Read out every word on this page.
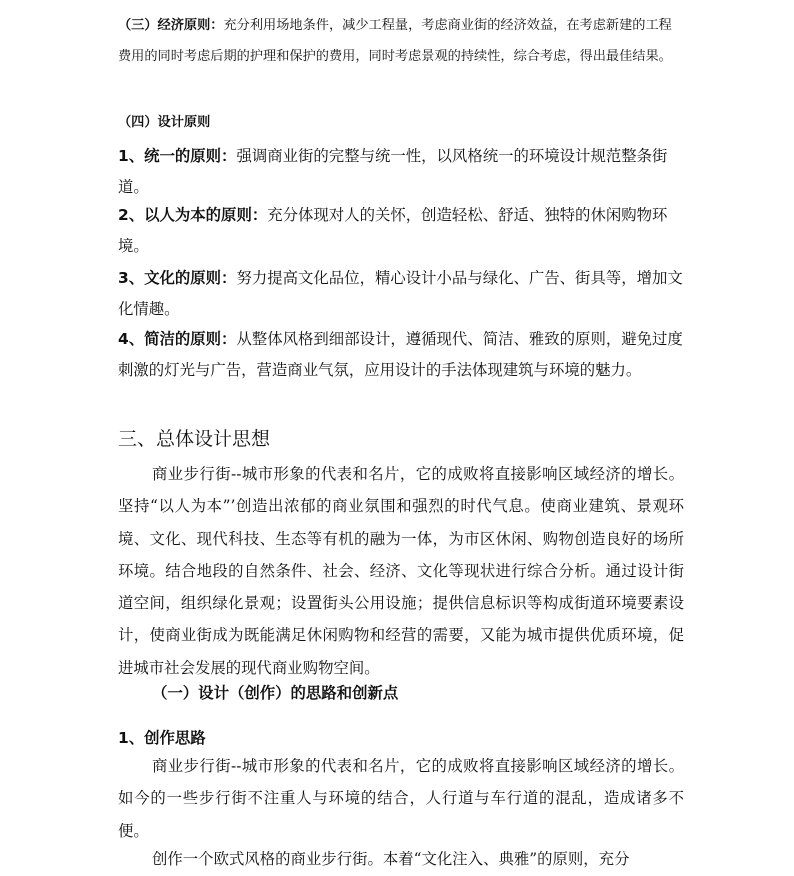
（三）经济原则：充分利用场地条件，减少工程量，考虑商业街的经济效益，在考虑新建的工程费用的同时考虑后期的护理和保护的费用，同时考虑景观的持续性，综合考虑，得出最佳结果。

（四）设计原则

1、统一的原则：强调商业街的完整与统一性，以风格统一的环境设计规范整条街道。

2、以人为本的原则：充分体现对人的关怀，创造轻松、舒适、独特的休闲购物环境。

3、文化的原则：努力提高文化品位，精心设计小品与绿化、广告、街具等，增加文化情趣。

4、简洁的原则：从整体风格到细部设计，遵循现代、简洁、雅致的原则，避免过度刺激的灯光与广告，营造商业气氛，应用设计的手法体现建筑与环境的魅力。

三、总体设计思想

商业步行街--城市形象的代表和名片，它的成败将直接影响区域经济的增长。坚持“以人为本”’创造出浓郁的商业氛围和强烈的时代气息。使商业建筑、景观环境、文化、现代科技、生态等有机的融为一体，为市区休闲、购物创造良好的场所环境。结合地段的自然条件、社会、经济、文化等现状进行综合分析。通过设计街道空间，组织绿化景观；设置街头公用设施；提供信息标识等构成街道环境要素设计，使商业街成为既能满足休闲购物和经营的需要，又能为城市提供优质环境，促进城市社会发展的现代商业购物空间。

（一）设计（创作）的思路和创新点

1、创作思路

商业步行街--城市形象的代表和名片，它的成败将直接影响区域经济的增长。如今的一些步行街不注重人与环境的结合，人行道与车行道的混乱，造成诸多不便。

创作一个欧式风格的商业步行街。本着“文化注入、典雅”的原则，充分
